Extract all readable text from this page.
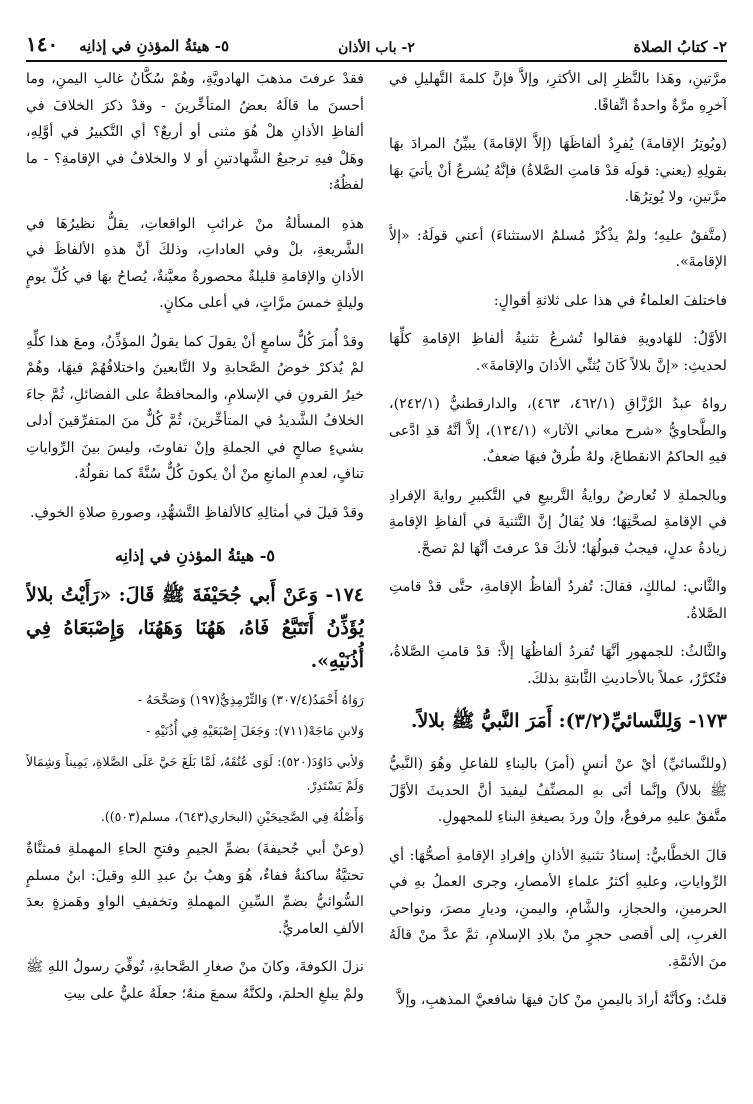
٢- كتابُ الصلاة
٢- باب الأذان
٥- هيئةُ المؤذنِ في إذانِه    ١٤٠

مرَّتينِ، وهَذا بالنَّظرِ إلى الأكثرِ، وإلاَّ فإنَّ كلمةَ التَّهليلِ في آخرِهِ مرَّةٌ واحدةٌ اتِّفاقًا.

(ويُوتِرُ الإقامةَ) يُفرِدُ ألفاظَهَا (إلاَّ الإقامةَ) يبيِّنُ المرادَ بهَا بقولِهِ (يعني: قولَه قدْ قامتِ الصَّلاةُ) فإنَّهُ يُشرعُ أنْ يأتيَ بهَا مرَّتينِ، ولا يُوتِرُهَا.

(متَّفقٌ عليهِ؛ ولمْ يذْكُرْ مُسلمٌ الاستثناءَ) أعني قولَهُ: «إلاَّ الإقامةَ».

فاختلفَ العلماءُ في هذا على ثلاثةِ أقوالٍ:

الأوَّلُ: للهَادويةِ فقالوا تُشرعُ تثنيةُ ألفاظِ الإقامةِ كلِّهَا لحديثِ: «إنَّ بلالاً كَانَ يُثنِّي الأذانَ والإقامةَ».

رواهُ عبدُ الرَّزَّاقِ (٤٦٢/١، ٤٦٣)، والدارقطنيُّ (٢٤٢/١)، والطَّحاويُّ «شرح معاني الآثار» (١٣٤/١)، إلاَّ أنَّهُ قدِ ادَّعى فيهِ الحاكمُ الانقطاعَ، ولهُ طُرقٌ فيهَا ضعفٌ.

وبالجملةِ لا تُعارضُ روايةُ التَّربيعِ في التَّكبيرِ روايةَ الإفرادِ في الإقامةِ لصحَّتِهَا؛ فلا يُقالُ إنَّ التَّثنيةَ في ألفاظِ الإقامةِ زيادةُ عدلٍ، فيجبُ قبولُهَا؛ لأنكَ قدْ عرفتَ أنَّهَا لمْ تصحَّ.

والثَّاني: لمالكٍ، فقالَ: تُفردُ ألفاظُ الإقامةِ، حتَّى قدْ قامتِ الصَّلاةُ.

والثَّالثُ: للجمهورِ أنَّهَا تُفردُ ألفاظُهَا إلاَّ: قدْ قامتِ الصَّلاةُ، فتُكرَّرُ، عملاً بالأحاديثِ الثَّابتةِ بذلكَ.

١٧٣- وَلِلنَّسائيِّ(٣/٢): أَمَرَ النَّبيُّ ﷺ بلالاً.

(وللنَّسائيِّ) أيْ عنْ أنسٍ (أمرَ) بالبناءِ للفاعلِ وهُوَ (النَّبيُّ ﷺ بلالاً) وإنَّما أتَى بهِ المصنِّفُ ليفيدَ أنَّ الحديثَ الأوَّلَ متَّفقٌ عليهِ مرفوعٌ، وإنْ وردَ بصيغةِ البناءِ للمجهولِ.

قالَ الخطَّابيُّ: إسنادُ تثنيةِ الأذانِ وإفرادِ الإقامةِ أصحُّهَا: أي الرِّواياتِ، وعليهِ أكثرُ علماءِ الأمصارِ، وجرى العملُ بهِ في الحرمينِ، والحجازِ، والشَّامِ، واليمنِ، وديارِ مصرَ، ونواحي الغربِ، إلى أقصى حجرٍ منْ بلادِ الإسلامِ، ثمَّ عدَّ منْ قالَهُ منَ الأئمَّةِ.

قلتُ: وكأنَّهُ أرادَ باليمنِ منْ كانَ فيهَا شافعيَّ المذهبِ، وإلاَّ

فقدْ عرفتَ مذهبَ الهادويَّةِ، وهُمْ سُكَّانُ غالبِ اليمنِ، وما أحسنَ ما قالَهُ بعضُ المتأخِّرينَ - وقدْ ذكرَ الخلافَ في ألفاظِ الأذانِ هلْ هُوَ مثنى أو أربعٌ؟ أي التَّكبيرُ في أوَّلِهِ، وهَلْ فيهِ ترجيعُ الشَّهادتينِ أو لا والخلافُ في الإقامةِ؟ - ما لفظُهُ:

هذهِ المسألةُ منْ غرائبِ الواقعاتِ، يقلُّ نظيرُهَا في الشَّريعةِ، بلْ وفي العاداتِ، وذلكَ أنَّ هذهِ الألفاظَ في الأذانِ والإقامةِ قليلةٌ محصورةٌ معيَّنةٌ، يُصاحُ بهَا في كُلِّ يومٍ وليلةٍ خمسَ مرَّاتٍ، في أعلى مكانٍ.

وقدْ أُمرَ كُلُّ سامعٍ أنْ يقولَ كما يقولُ المؤذِّنُ، ومعَ هذا كلِّهِ لمْ يُذكرْ خوضُ الصَّحابةِ ولا التَّابعينَ واختلافُهُمْ فيهَا، وهُمْ خيرُ القرونِ في الإسلامِ، والمحافظةُ على الفضائلِ، ثُمَّ جاءَ الخلافُ الشَّديدُ في المتأخِّرينَ، ثُمَّ كُلٌّ منَ المتفرِّقينَ أدلى بشيءٍ صالحٍ في الجملةِ وإنْ تفاوتَ، وليسَ بينَ الرِّواياتِ تنافٍ، لعدمِ المانعِ منْ أنْ يكونَ كُلٌّ سُنَّةً كما نقولُهُ.

وقدْ قيلَ في أمثالِهِ كالألفاظِ التَّشهُّدِ، وصورةِ صلاةِ الخوفِ.

٥- هيئةُ المؤذنِ في إذانِه

١٧٤- وَعَنْ أَبي جُحَيْفَةَ ﷺ قَالَ: «رَأَيْتُ بلالاً يُؤَذِّنُ أَتَتَبَّعُ فَاهُ، هَهُنَا وَهَهُنَا، وَإِصْبَعَاهُ فِي أُذُنَيْهِ».

رَوَاهُ أَحْمَدُ(٣٠٧/٤) وَالتِّرْمِذِيُّ(١٩٧) وَصَحَّحَهُ -

وَلابنِ مَاجَهْ(٧١١): وَجَعَلَ إِصْبَعَيْهِ فِي أُذُنَيْهِ -

وَلأبي دَاوُدَ(٥٢٠): لَوَى عُنُقَهُ، لَمَّا بَلَغَ حَيَّ عَلَى الصَّلاةِ، يَمِيناً وَشِمَالاً وَلَمْ يَسْتَدِرْ.

وَأَصْلُهُ فِي الصَّحِيحَيْنِ (البخاري(٦٤٣)، مسلم(٥٠٣)).

(وعنْ أبي جُحيفةَ) بضمِّ الجيمِ وفتحِ الحاءِ المهملةِ فمثنَّاةٌ تحتيَّةٌ ساكنةٌ ففاءٌ، هُوَ وهبُ بنُ عبدِ اللهِ وقيلَ: ابنُ مسلمٍ السُّوائيُّ بضمِّ السِّينِ المهملةِ وتخفيفِ الواوِ وهَمزةٍ بعدَ الألفِ العامريُّ.

نزلَ الكوفةَ، وكانَ منْ صغارِ الصَّحابةِ، تُوفِّيَ رسولُ اللهِ ﷺ ولمْ يبلغِ الحلمَ، ولكنَّهُ سمعَ منهُ؛ جعلَهُ عليٌّ على بيتِ
